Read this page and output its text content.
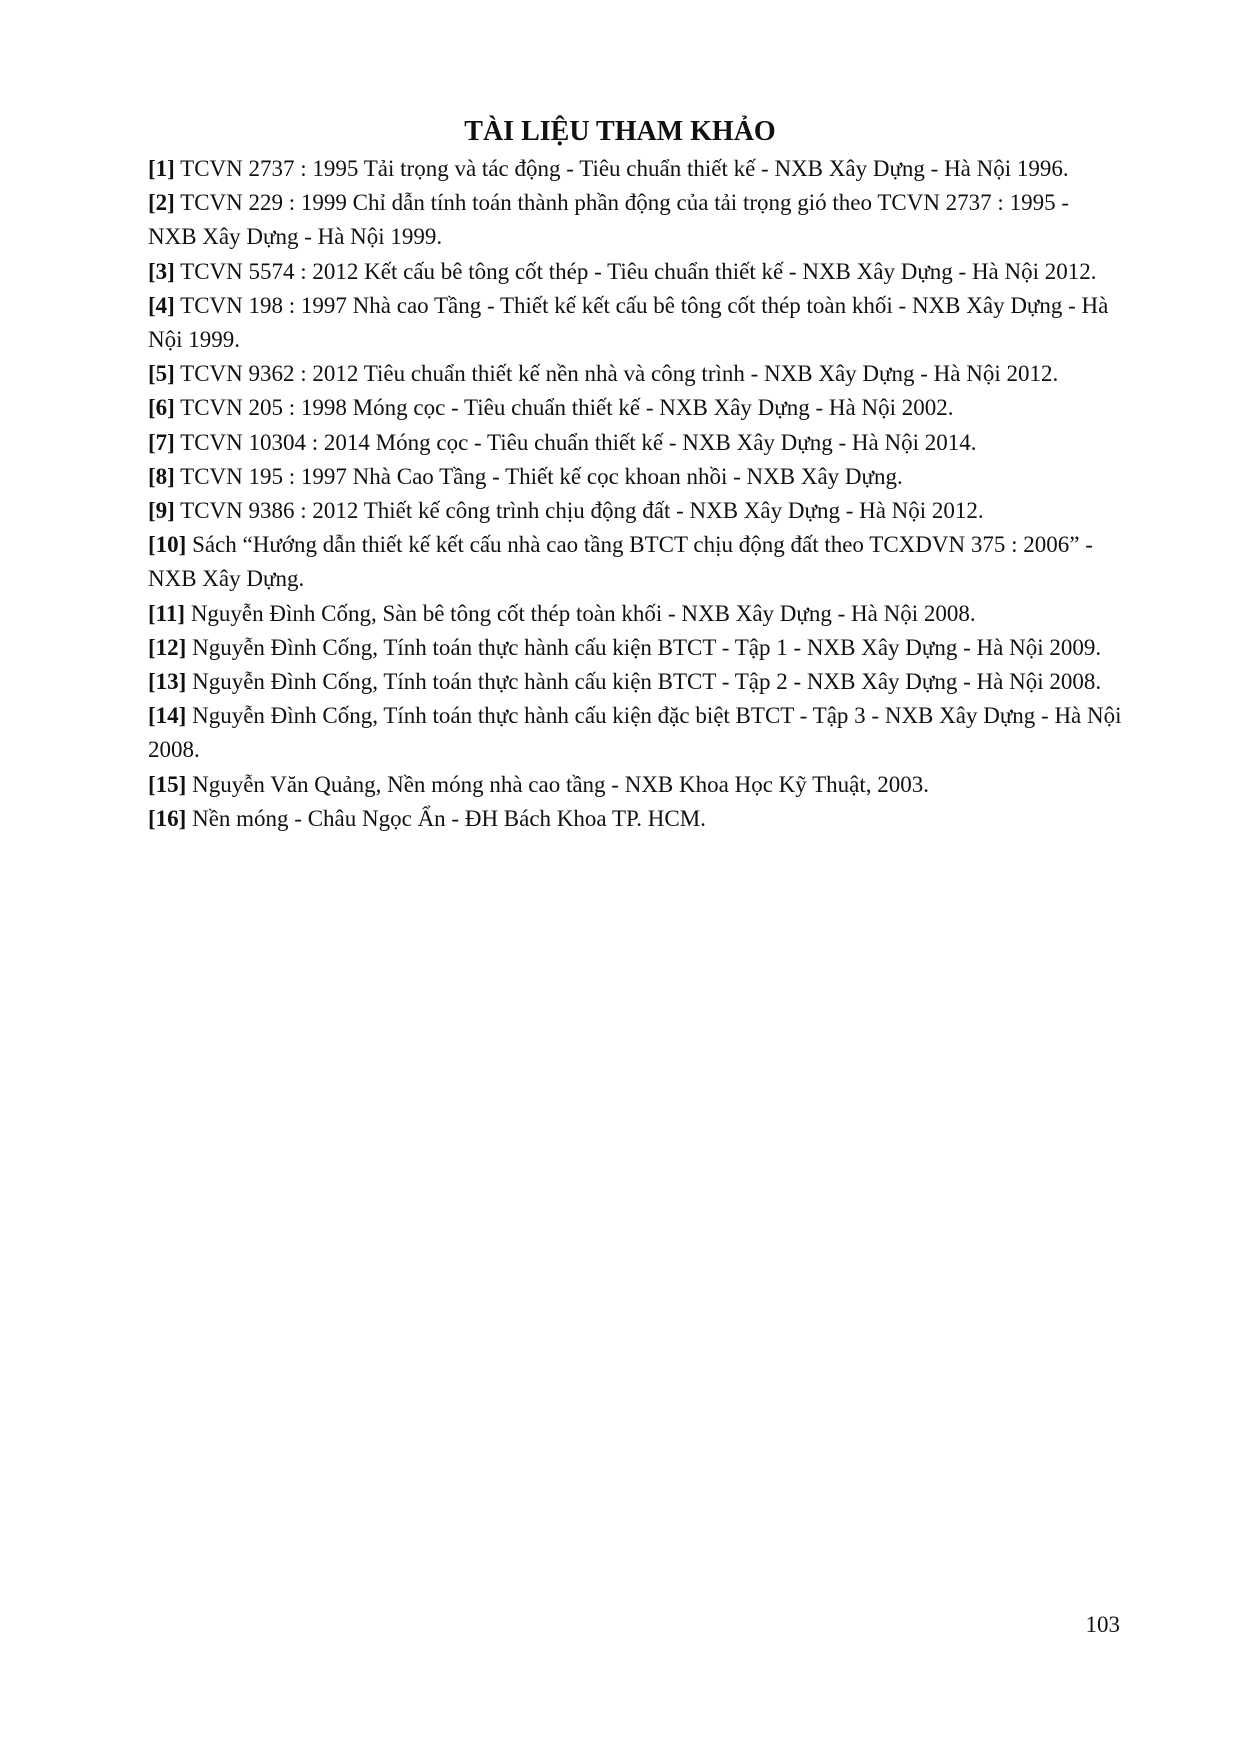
TÀI LIỆU THAM KHẢO
[1] TCVN 2737 : 1995 Tải trọng và tác động - Tiêu chuẩn thiết kế - NXB Xây Dựng - Hà Nội 1996.
[2] TCVN 229 : 1999 Chỉ dẫn tính toán thành phần động của tải trọng gió theo TCVN 2737 : 1995 - NXB Xây Dựng - Hà Nội 1999.
[3] TCVN 5574 : 2012 Kết cấu bê tông cốt thép - Tiêu chuẩn thiết kế - NXB Xây Dựng - Hà Nội 2012.
[4] TCVN 198 : 1997 Nhà cao Tầng - Thiết kế kết cấu bê tông cốt thép toàn khối - NXB Xây Dựng - Hà Nội 1999.
[5] TCVN 9362 : 2012 Tiêu chuẩn thiết kế nền nhà và công trình - NXB Xây Dựng - Hà Nội 2012.
[6] TCVN 205 : 1998 Móng cọc - Tiêu chuẩn thiết kế - NXB Xây Dựng - Hà Nội 2002.
[7] TCVN 10304 : 2014 Móng cọc - Tiêu chuẩn thiết kế - NXB Xây Dựng - Hà Nội 2014.
[8] TCVN 195 : 1997 Nhà Cao Tầng - Thiết kế cọc khoan nhồi - NXB Xây Dựng.
[9] TCVN 9386 : 2012 Thiết kế công trình chịu động đất - NXB Xây Dựng - Hà Nội 2012.
[10] Sách “Hướng dẫn thiết kế kết cấu nhà cao tầng BTCT chịu động đất theo TCXDVN 375 : 2006” - NXB Xây Dựng.
[11] Nguyễn Đình Cống, Sàn bê tông cốt thép toàn khối - NXB Xây Dựng - Hà Nội 2008.
[12] Nguyễn Đình Cống, Tính toán thực hành cấu kiện BTCT - Tập 1 - NXB Xây Dựng - Hà Nội 2009.
[13] Nguyễn Đình Cống, Tính toán thực hành cấu kiện BTCT - Tập 2 - NXB Xây Dựng - Hà Nội 2008.
[14] Nguyễn Đình Cống, Tính toán thực hành cấu kiện đặc biệt BTCT - Tập 3 - NXB Xây Dựng - Hà Nội 2008.
[15] Nguyễn Văn Quảng, Nền móng nhà cao tầng - NXB Khoa Học Kỹ Thuật, 2003.
[16] Nền móng - Châu Ngọc Ẩn - ĐH Bách Khoa TP. HCM.
103
